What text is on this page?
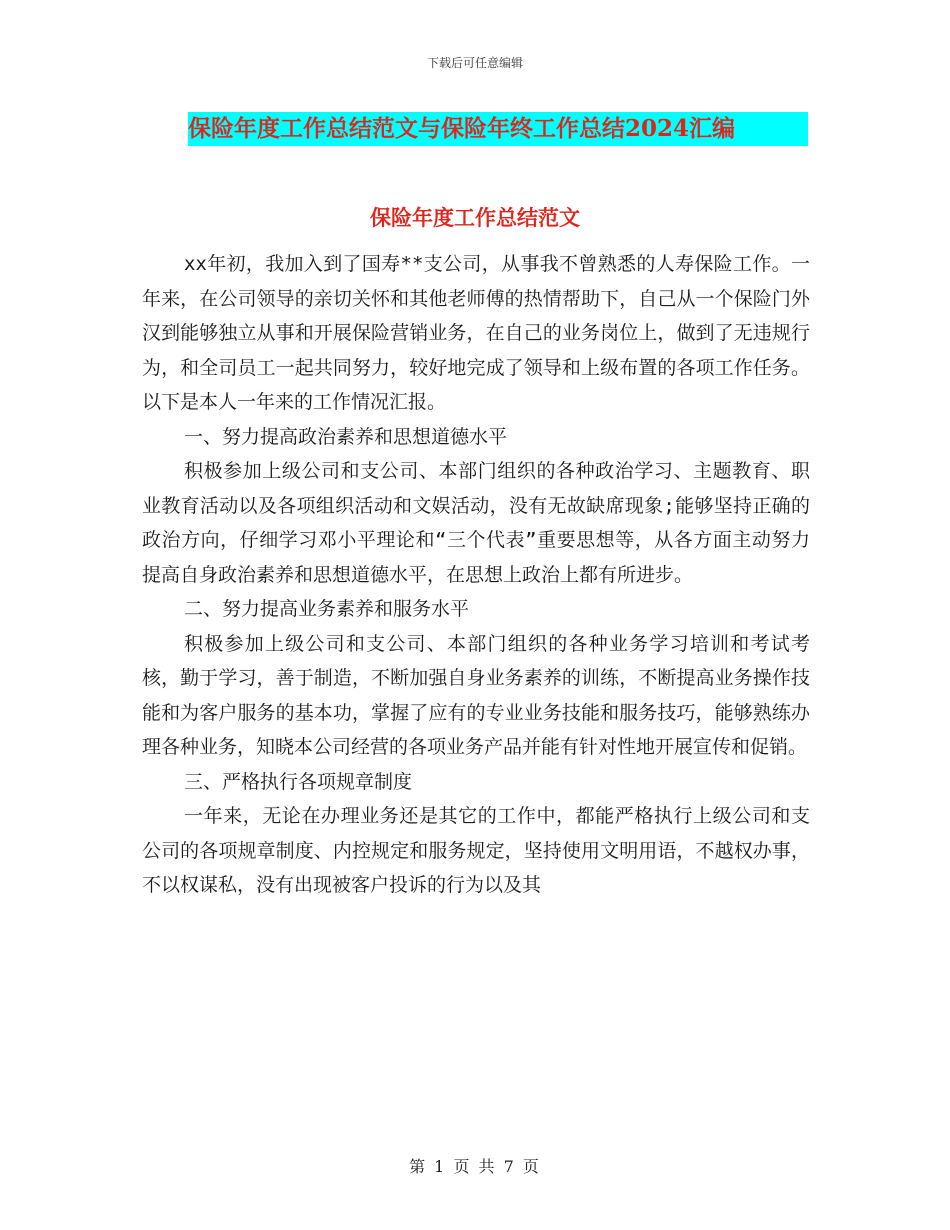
下载后可任意编辑
保险年度工作总结范文与保险年终工作总结2024汇编
保险年度工作总结范文

xx年初，我加入到了国寿**支公司，从事我不曾熟悉的人寿保险工作。一年来，在公司领导的亲切关怀和其他老师傅的热情帮助下，自己从一个保险门外汉到能够独立从事和开展保险营销业务，在自己的业务岗位上，做到了无违规行为，和全司员工一起共同努力，较好地完成了领导和上级布置的各项工作任务。以下是本人一年来的工作情况汇报。

一、努力提高政治素养和思想道德水平

积极参加上级公司和支公司、本部门组织的各种政治学习、主题教育、职业教育活动以及各项组织活动和文娱活动，没有无故缺席现象;能够坚持正确的政治方向，仔细学习邓小平理论和“三个代表”重要思想等，从各方面主动努力提高自身政治素养和思想道德水平，在思想上政治上都有所进步。

二、努力提高业务素养和服务水平

积极参加上级公司和支公司、本部门组织的各种业务学习培训和考试考核，勤于学习，善于制造，不断加强自身业务素养的训练，不断提高业务操作技能和为客户服务的基本功，掌握了应有的专业业务技能和服务技巧，能够熟练办理各种业务，知晓本公司经营的各项业务产品并能有针对性地开展宣传和促销。

三、严格执行各项规章制度

一年来，无论在办理业务还是其它的工作中，都能严格执行上级公司和支公司的各项规章制度、内控规定和服务规定，坚持使用文明用语，不越权办事，不以权谋私，没有出现被客户投诉的行为以及其

第 1 页 共 7 页
